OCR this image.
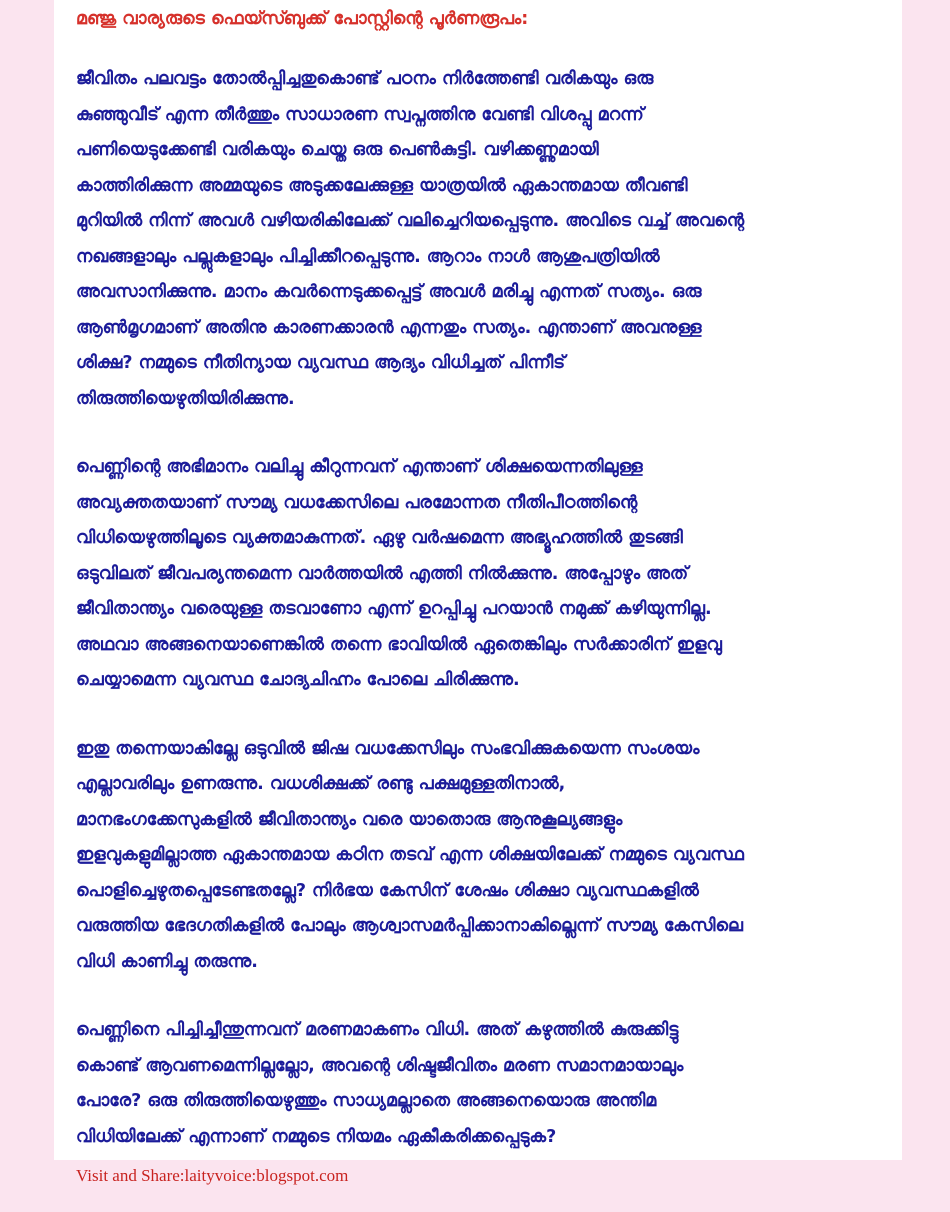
മഞ്ജു വാര്യരുടെ ഫെയ്സ്ബുക്ക് പോസ്റ്റിന്റെ പൂർണരൂപം:
ജീവിതം പലവട്ടം തോൽപ്പിച്ചതുകൊണ്ട് പഠനം നിർത്തേണ്ടി വരികയും ഒരു
കുഞ്ഞുവീട് എന്ന തീർത്തും സാധാരണ സ്വപ്നത്തിനു വേണ്ടി വിശപ്പു മറന്ന്
പണിയെടുക്കേണ്ടി വരികയും ചെയ്ത ഒരു പെൺകുട്ടി. വഴിക്കണ്ണുമായി
കാത്തിരിക്കുന്ന അമ്മയുടെ അടുക്കലേക്കുള്ള യാത്രയിൽ ഏകാന്തമായ തീവണ്ടി
മുറിയിൽ നിന്ന് അവൾ വഴിയരികിലേക്ക് വലിച്ചെറിയപ്പെടുന്നു. അവിടെ വച്ച് അവന്റെ
നഖങ്ങളാലും പല്ലുകളാലും പിച്ചിക്കീറപ്പെടുന്നു. ആറാം നാൾ ആശുപത്രിയിൽ
അവസാനിക്കുന്നു. മാനം കവർന്നെടുക്കപ്പെട്ട് അവൾ മരിച്ചു എന്നത് സത്യം. ഒരു
ആൺമൃഗമാണ് അതിനു കാരണക്കാരൻ എന്നതും സത്യം. എന്താണ് അവനുള്ള
ശിക്ഷ? നമ്മുടെ നീതിന്യായ വ്യവസ്ഥ ആദ്യം വിധിച്ചത് പിന്നീട്
തിരുത്തിയെഴുതിയിരിക്കുന്നു.
പെണ്ണിന്റെ അഭിമാനം വലിച്ചു കീറുന്നവന് എന്താണ് ശിക്ഷയെന്നതിലുള്ള
അവ്യക്തതയാണ് സൗമ്യ വധക്കേസിലെ പരമോന്നത നീതിപീഠത്തിന്റെ
വിധിയെഴുത്തിലൂടെ വ്യക്തമാകുന്നത്. ഏഴു വർഷമെന്ന അഭ്യൂഹത്തിൽ തുടങ്ങി
ഒടുവിലത് ജീവപര്യന്തമെന്ന വാർത്തയിൽ എത്തി നിൽക്കുന്നു. അപ്പോഴും അത്
ജീവിതാന്ത്യം വരെയുള്ള തടവാണോ എന്ന് ഉറപ്പിച്ചു പറയാൻ നമുക്ക് കഴിയുന്നില്ല.
അഥവാ അങ്ങനെയാണെങ്കിൽ തന്നെ ഭാവിയിൽ ഏതെങ്കിലും സർക്കാരിന് ഇളവു
ചെയ്യാമെന്ന വ്യവസ്ഥ ചോദ്യചിഹ്നം പോലെ ചിരിക്കുന്നു.
ഇതു തന്നെയാകില്ലേ ഒടുവിൽ ജിഷ വധക്കേസിലും സംഭവിക്കുകയെന്ന സംശയം
എല്ലാവരിലും ഉണരുന്നു. വധശിക്ഷക്ക് രണ്ടു പക്ഷമുള്ളതിനാൽ,
മാനഭംഗക്കേസുകളിൽ ജീവിതാന്ത്യം വരെ യാതൊരു ആനുകൂല്യങ്ങളും
ഇളവുകളുമില്ലാത്ത ഏകാന്തമായ കഠിന തടവ് എന്ന ശിക്ഷയിലേക്ക് നമ്മുടെ വ്യവസ്ഥ
പൊളിച്ചെഴുതപ്പെടേണ്ടതല്ലേ? നിർഭയ കേസിന് ശേഷം ശിക്ഷാ വ്യവസ്ഥകളിൽ
വരുത്തിയ ഭേദഗതികളിൽ പോലും ആശ്വാസമർപ്പിക്കാനാകില്ലെന്ന് സൗമ്യ കേസിലെ
വിധി കാണിച്ചു തരുന്നു.
പെണ്ണിനെ പിച്ചിച്ചീന്തുന്നവന് മരണമാകണം വിധി. അത് കഴുത്തിൽ കുരുക്കിട്ടു
കൊണ്ട് ആവണമെന്നില്ലല്ലോ, അവന്റെ ശിഷ്ടജീവിതം മരണ സമാനമായാലും
പോരേ? ഒരു തിരുത്തിയെഴുത്തും സാധ്യമല്ലാതെ അങ്ങനെയൊരു അന്തിമ
വിധിയിലേക്ക് എന്നാണ് നമ്മുടെ നിയമം ഏകീകരിക്കപ്പെടുക?
Visit and Share:laityvoice:blogspot.com
